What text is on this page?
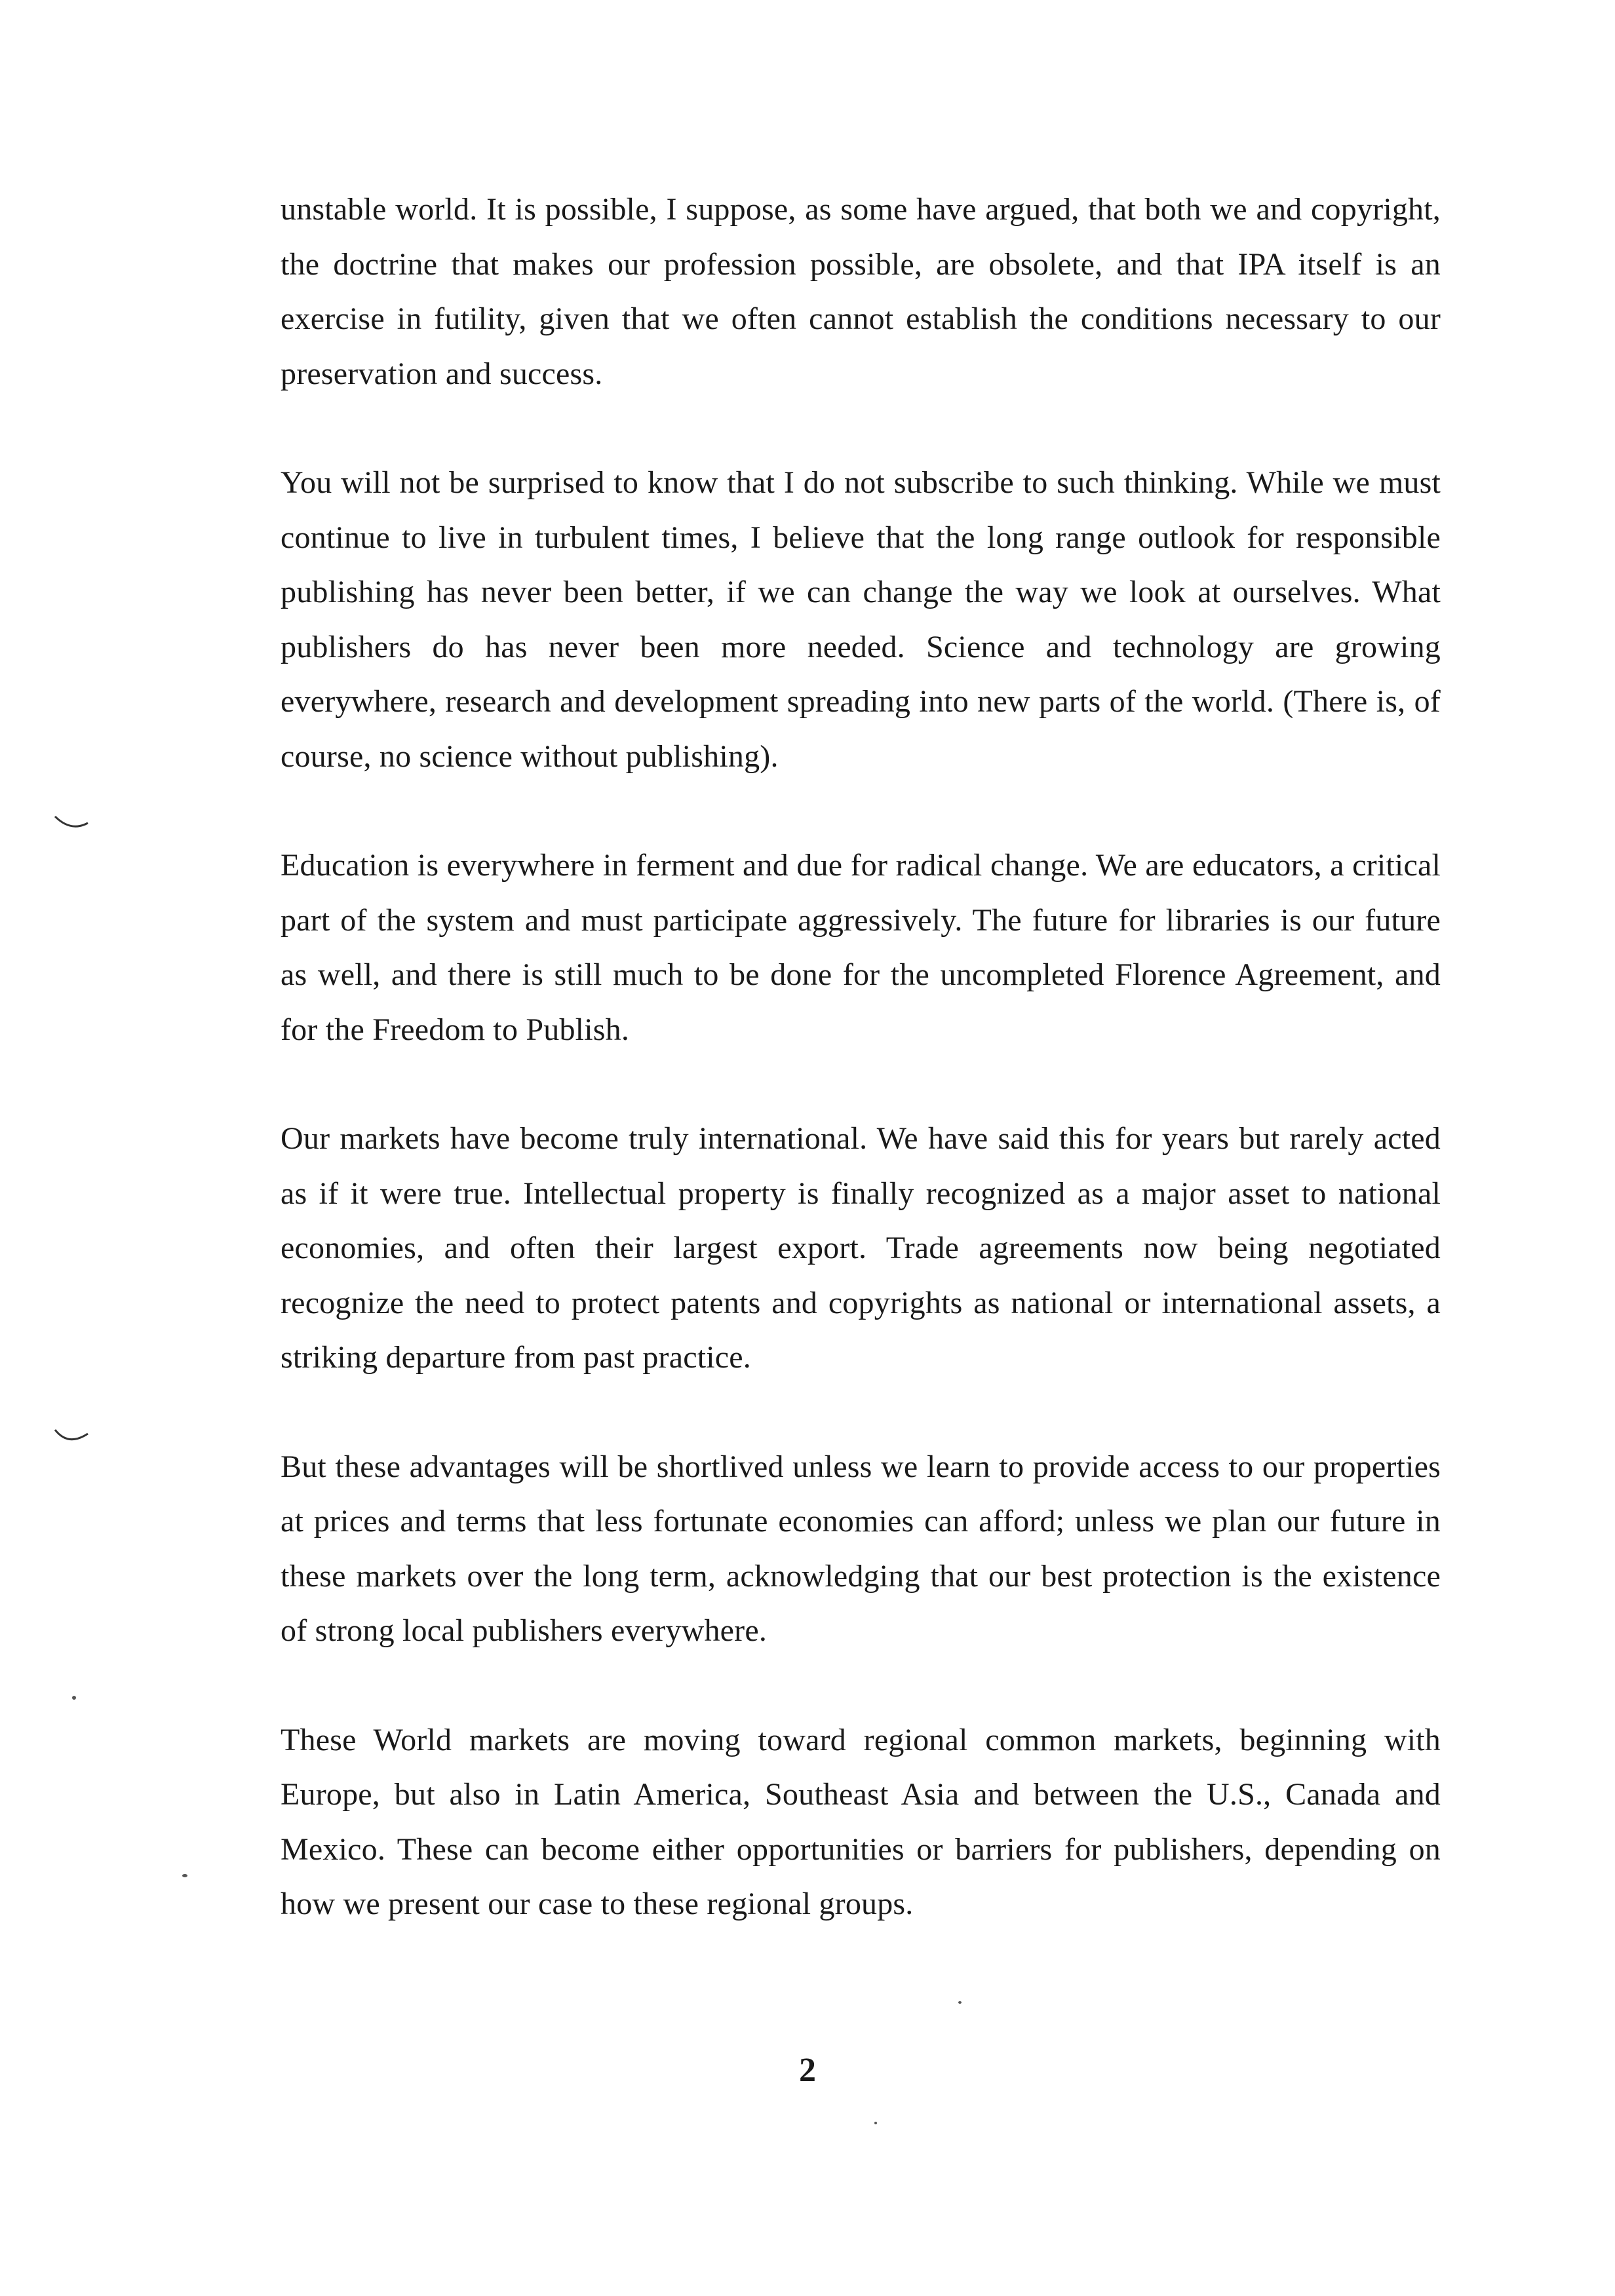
unstable world. It is possible, I suppose, as some have argued, that both we and copyright, the doctrine that makes our profession possible, are obsolete, and that IPA itself is an exercise in futility, given that we often cannot establish the conditions necessary to our preservation and success.

You will not be surprised to know that I do not subscribe to such thinking. While we must continue to live in turbulent times, I believe that the long range outlook for responsible publishing has never been better, if we can change the way we look at ourselves. What publishers do has never been more needed. Science and technology are growing everywhere, research and development spreading into new parts of the world. (There is, of course, no science without publishing).

Education is everywhere in ferment and due for radical change. We are educators, a critical part of the system and must participate aggressively. The future for libraries is our future as well, and there is still much to be done for the uncompleted Florence Agreement, and for the Freedom to Publish.

Our markets have become truly international. We have said this for years but rarely acted as if it were true. Intellectual property is finally recognized as a major asset to national economies, and often their largest export. Trade agreements now being negotiated recognize the need to protect patents and copyrights as national or international assets, a striking departure from past practice.

But these advantages will be shortlived unless we learn to provide access to our properties at prices and terms that less fortunate economies can afford; unless we plan our future in these markets over the long term, acknowledging that our best protection is the existence of strong local publishers everywhere.

These World markets are moving toward regional common markets, beginning with Europe, but also in Latin America, Southeast Asia and between the U.S., Canada and Mexico. These can become either opportunities or barriers for publishers, depending on how we present our case to these regional groups.

2
